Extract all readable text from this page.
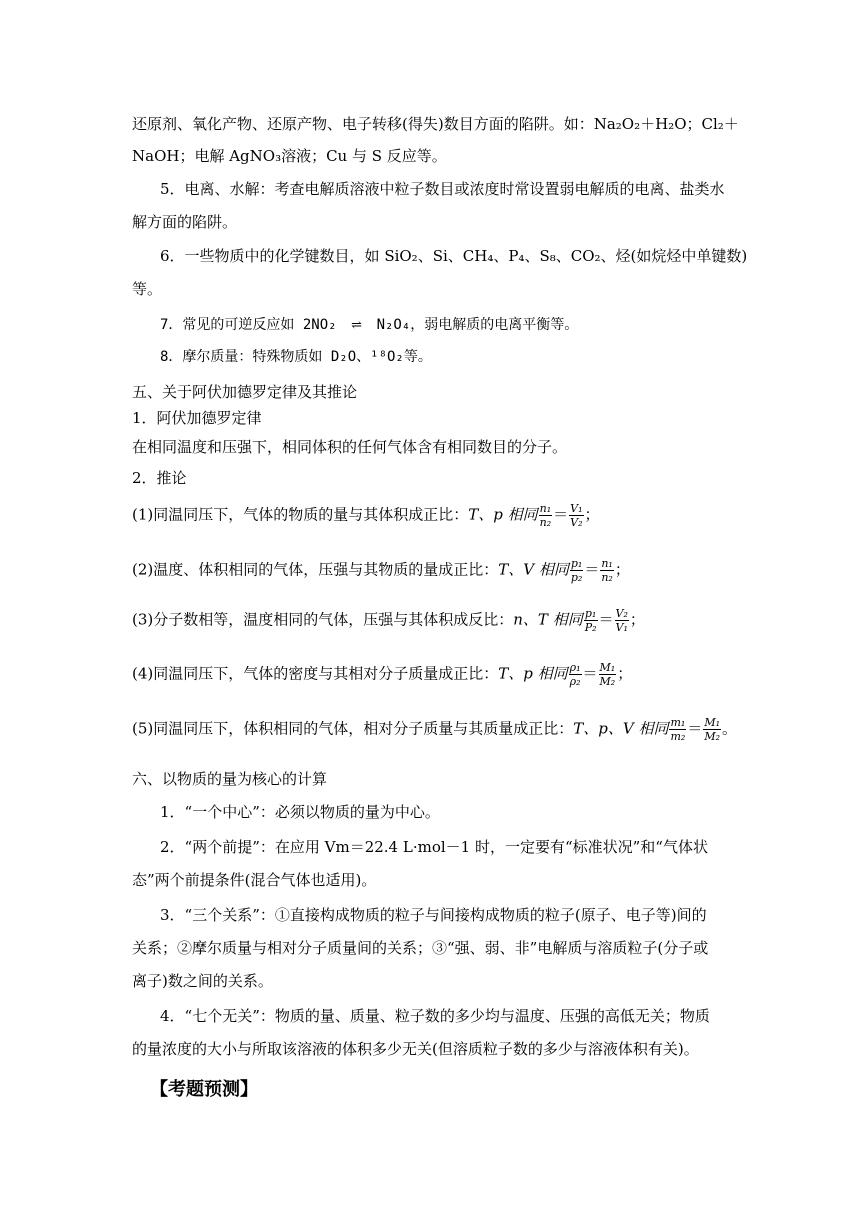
还原剂、氧化产物、还原产物、电子转移(得失)数目方面的陷阱。如：Na₂O₂＋H₂O；Cl₂＋
NaOH；电解 AgNO₃溶液；Cu 与 S 反应等。
5．电离、水解：考查电解质溶液中粒子数目或浓度时常设置弱电解质的电离、盐类水
解方面的陷阱。
6．一些物质中的化学键数目，如 SiO₂、Si、CH₄、P₄、S₈、CO₂、烃(如烷烃中单键数)
等。
7．常见的可逆反应如 2NO₂ ⇌ N₂O₄，弱电解质的电离平衡等。
8．摩尔质量：特殊物质如 D₂O、¹⁸O₂等。
五、关于阿伏加德罗定律及其推论
1．阿伏加德罗定律
在相同温度和压强下，相同体积的任何气体含有相同数目的分子。
2．推论
(1)同温同压下，气体的物质的量与其体积成正比：T、p 相同 $\frac{\text{n₁}}{\text{n₂}} = \frac{\text{V₁}}{\text{V₂}}$ ；
(2)温度、体积相同的气体，压强与其物质的量成正比：T、V 相同 $\frac{\text{p₁}}{\text{p₂}} = \frac{\text{n₁}}{\text{n₂}}$ ；
(3)分子数相等，温度相同的气体，压强与其体积成反比：n、T 相同 $\frac{\text{p₁}}{\text{P₂}} = \frac{\text{V₂}}{\text{V₁}}$ ；
(4)同温同压下，气体的密度与其相对分子质量成正比：T、p 相同 $\frac{\text{ρ₁}}{\text{ρ₂}} = \frac{\text{M₁}}{\text{M₂}}$ ；
(5)同温同压下，体积相同的气体，相对分子质量与其质量成正比：T、p、V 相同 $\frac{\text{m₁}}{\text{m₂}} = \frac{\text{M₁}}{\text{M₂}}$ 。
六、以物质的量为核心的计算
1．“一个中心”：必须以物质的量为中心。
2．“两个前提”：在应用 Vm＝22.4 L·mol－1 时，一定要有“标准状况”和“气体状
态”两个前提条件(混合气体也适用)。
3．“三个关系”：①直接构成物质的粒子与间接构成物质的粒子(原子、电子等)间的
关系；②摩尔质量与相对分子质量间的关系；③“强、弱、非”电解质与溶质粒子(分子或
离子)数之间的关系。
4．“七个无关”：物质的量、质量、粒子数的多少均与温度、压强的高低无关；物质
的量浓度的大小与所取该溶液的体积多少无关(但溶质粒子数的多少与溶液体积有关)。
【考题预测】
